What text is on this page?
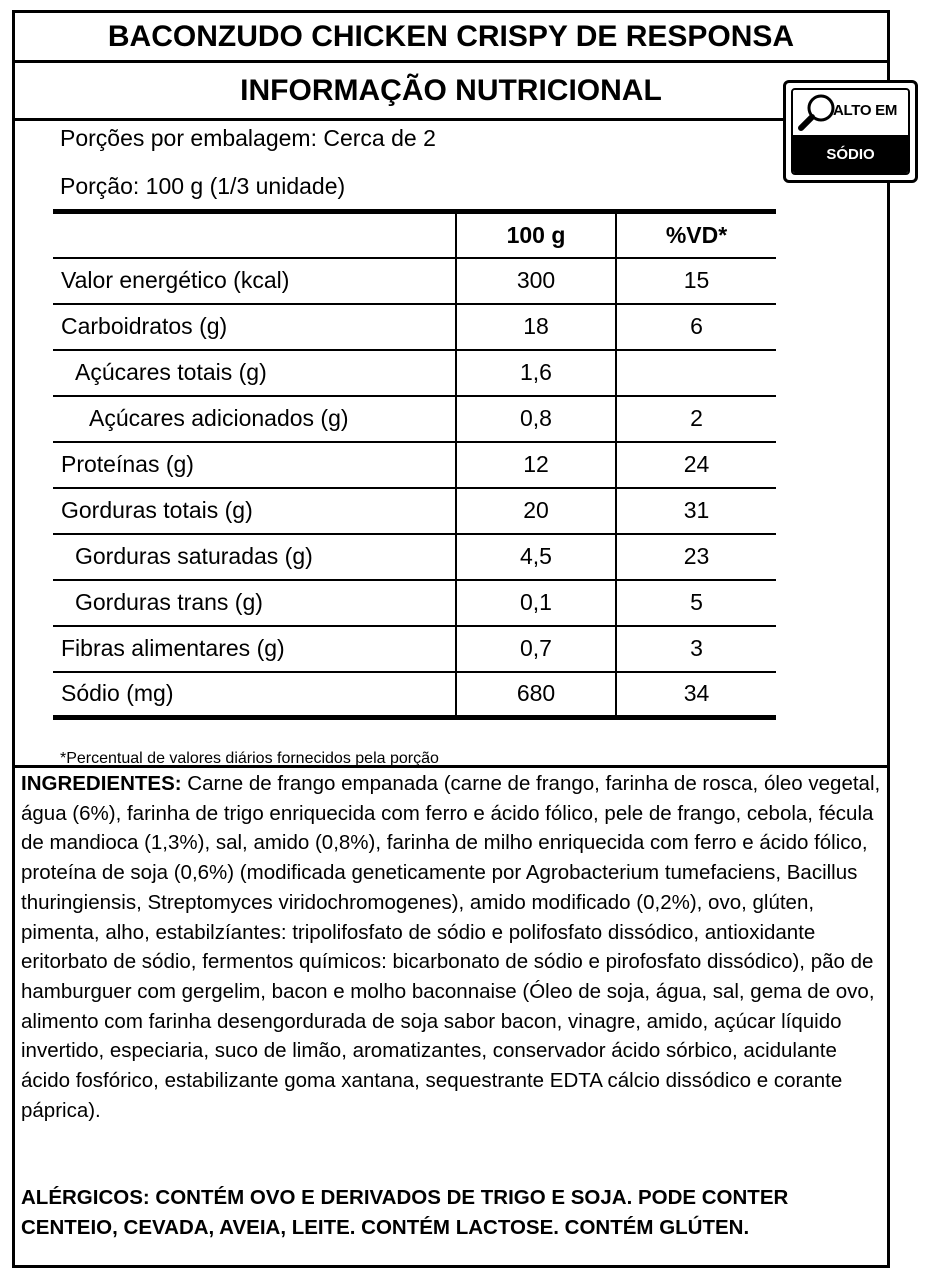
BACONZUDO CHICKEN CRISPY DE RESPONSA
INFORMAÇÃO NUTRICIONAL
Porções por embalagem: Cerca de 2
Porção: 100 g (1/3 unidade)
	100 g	%VD*
Valor energético (kcal)	300	15
Carboidratos (g)	18	6
Açúcares totais (g)	1,6	
Açúcares adicionados (g)	0,8	2
Proteínas (g)	12	24
Gorduras totais (g)	20	31
Gorduras saturadas (g)	4,5	23
Gorduras trans (g)	0,1	5
Fibras alimentares (g)	0,7	3
Sódio (mg)	680	34
*Percentual de valores diários fornecidos pela porção
INGREDIENTES: Carne de frango empanada (carne de frango, farinha de rosca, óleo vegetal, água (6%), farinha de trigo enriquecida com ferro e ácido fólico, pele de frango, cebola, fécula de mandioca (1,3%), sal, amido (0,8%), farinha de milho enriquecida com ferro e ácido fólico, proteína de soja (0,6%) (modificada geneticamente por Agrobacterium tumefaciens, Bacillus thuringiensis, Streptomyces viridochromogenes), amido modificado (0,2%), ovo, glúten, pimenta, alho, estabilzíantes: tripolifosfato de sódio e polifosfato dissódico, antioxidante eritorbato de sódio, fermentos químicos: bicarbonato de sódio e pirofosfato dissódico), pão de hamburguer com gergelim, bacon e molho baconnaise (Óleo de soja, água, sal, gema de ovo, alimento com farinha desengordurada de soja sabor bacon, vinagre, amido, açúcar líquido invertido, especiaria, suco de limão, aromatizantes, conservador ácido sórbico, acidulante ácido fosfórico, estabilizante goma xantana, sequestrante EDTA cálcio dissódico e corante páprica).
ALÉRGICOS: CONTÉM OVO E DERIVADOS DE TRIGO E SOJA. PODE CONTER CENTEIO, CEVADA, AVEIA, LEITE. CONTÉM LACTOSE. CONTÉM GLÚTEN.
ALTO EM
SÓDIO
